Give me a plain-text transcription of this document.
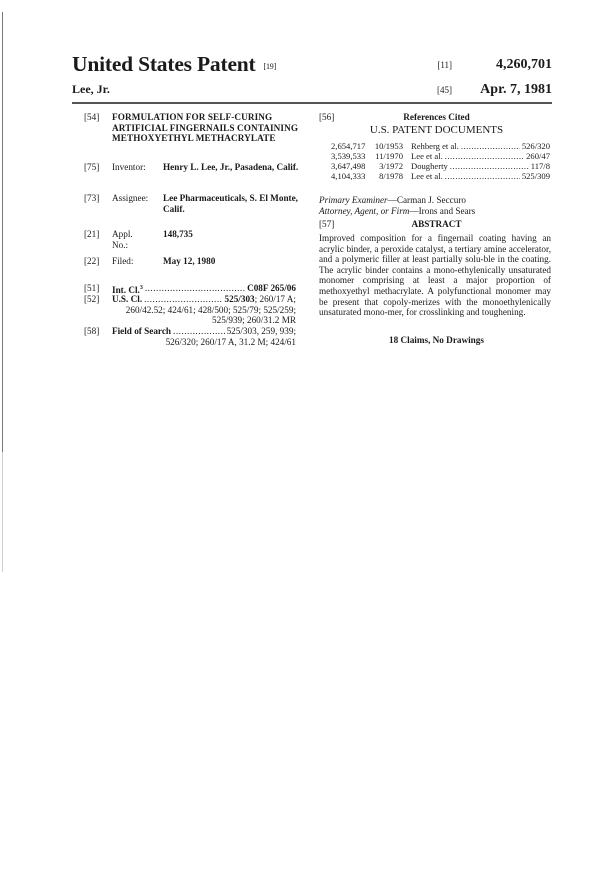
United States Patent [19]
Lee, Jr.
[11]	4,260,701
[45] Apr. 7, 1981
[54] FORMULATION FOR SELF-CURING
ARTIFICIAL FINGERNAILS CONTAINING
METHOXYETHYL METHACRYLATE
[75] Inventor: Henry L. Lee, Jr., Pasadena, Calif.
[73] Assignee: Lee Pharmaceuticals, S. El Monte,
Calif.
[21] Appl. No.:
148,735
[22] Filed:	May 12, 1980
[51] Int. Cl.$^3$ .....	C08F 265/06
[52] U.S. Cl. .....	525/303; 260/17 A;
260/42.52; 424/61; 428/500; 525/79; 525/259;
525/939; 260/31.2 MR
[58] Field of Search .....	525/303, 259, 939;
526/320; 260/17 A, 31.2 M; 424/61
[56]	References Cited
U.S. PATENT DOCUMENTS
2,654,717	10/1953 Rehberg et al. .....	526/320
3,539,533	11/1970 Lee et al. .....	260/47
3,647,498	3/1972 Dougherty .....	117/8
4,104,333	8/1978 Lee et al. .....	525/309
Primary Examiner—Carman J. Seccuro
Attorney, Agent, or Firm—Irons and Sears
[57]	ABSTRACT
Improved composition for a fingernail coating having an acrylic binder, a peroxide catalyst, a tertiary amine accelerator, and a polymeric filler at least partially solu-ble in the coating. The acrylic binder contains a mono-ethylenically unsaturated monomer comprising at least a major proportion of methoxyethyl methacrylate. A polyfunctional monomer may be present that copoly-merizes with the monoethylenically unsaturated mono-mer, for crosslinking and toughening.
18 Claims, No Drawings
